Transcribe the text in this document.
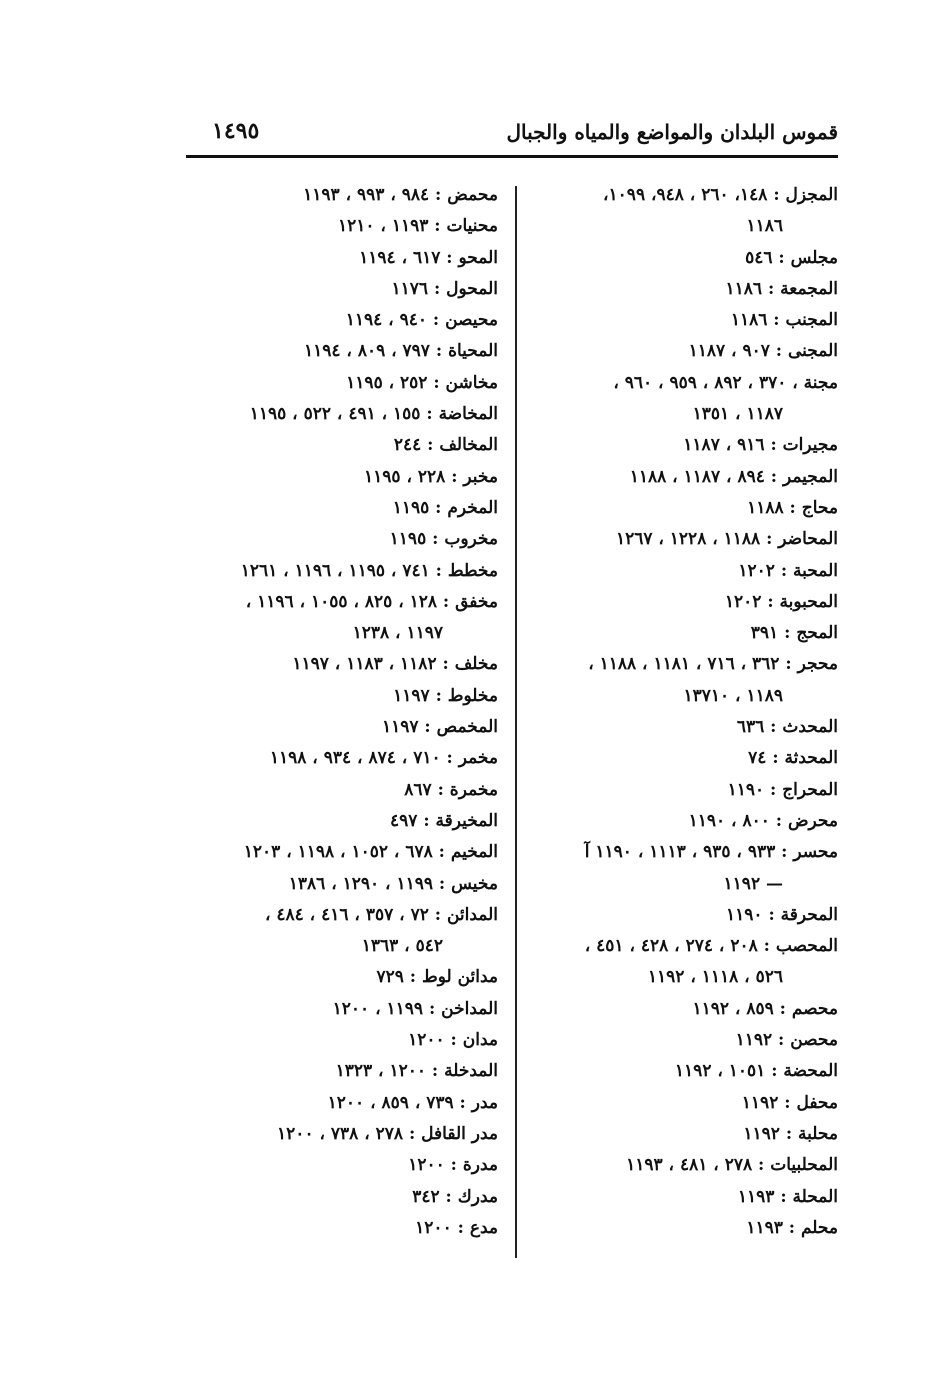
قموس البلدان والمواضع والمياه والجبال
١٤٩٥
المجزل : ١٤٨، ٢٦٠ ، ٩٤٨، ١٠٩٩،
١١٨٦
مجلس : ٥٤٦
المجمعة : ١١٨٦
المجنب : ١١٨٦
المجنى : ٩٠٧ ، ١١٨٧
مجنة ، ٣٧٠ ، ٨٩٢ ، ٩٥٩ ، ٩٦٠ ،
١١٨٧ ، ١٣٥١
مجيرات : ٩١٦ ، ١١٨٧
المجيمر : ٨٩٤ ، ١١٨٧ ، ١١٨٨
محاج : ١١٨٨
المحاضر : ١١٨٨ ، ١٢٢٨ ، ١٢٦٧
المحبة : ١٢٠٢
المحبوبة : ١٢٠٢
المحج : ٣٩١
محجر : ٣٦٢ ، ٧١٦ ، ١١٨١ ، ١١٨٨ ،
١١٨٩ ، ١٣٧١٠
المحدث : ٦٣٦
المحدثة : ٧٤
المحراج : ١١٩٠
محرض : ٨٠٠ ، ١١٩٠
محسر : ٩٣٣ ، ٩٣٥ ، ١١١٣ ، ١١٩٠ آ
— ١١٩٢
المحرقة : ١١٩٠
المحصب : ٢٠٨ ، ٢٧٤ ، ٤٢٨ ، ٤٥١ ،
٥٢٦ ، ١١١٨ ، ١١٩٢
محصم : ٨٥٩ ، ١١٩٢
محصن : ١١٩٢
المحضة : ١٠٥١ ، ١١٩٢
محفل : ١١٩٢
محلبة : ١١٩٢
المحلبيات : ٢٧٨ ، ٤٨١ ، ١١٩٣
المحلة : ١١٩٣
محلم : ١١٩٣
محمض : ٩٨٤ ، ٩٩٣ ، ١١٩٣
محنيات : ١١٩٣ ، ١٢١٠
المحو : ٦١٧ ، ١١٩٤
المحول : ١١٧٦
محيصن : ٩٤٠ ، ١١٩٤
المحياة : ٧٩٧ ، ٨٠٩ ، ١١٩٤
مخاشن : ٢٥٢ ، ١١٩٥
المخاضة : ١٥٥ ، ٤٩١ ، ٥٢٢ ، ١١٩٥
المخالف : ٢٤٤
مخبر : ٢٢٨ ، ١١٩٥
المخرم : ١١٩٥
مخروب : ١١٩٥
مخطط : ٧٤١ ، ١١٩٥ ، ١١٩٦ ، ١٢٦١
مخفق : ١٢٨ ، ٨٢٥ ، ١٠٥٥ ، ١١٩٦ ،
١١٩٧ ، ١٢٣٨
مخلف : ١١٨٢ ، ١١٨٣ ، ١١٩٧
مخلوط : ١١٩٧
المخمص : ١١٩٧
مخمر : ٧١٠ ، ٨٧٤ ، ٩٣٤ ، ١١٩٨
مخمرة : ٨٦٧
المخيرقة : ٤٩٧
المخيم : ٦٧٨ ، ١٠٥٢ ، ١١٩٨ ، ١٢٠٣
مخيس : ١١٩٩ ، ١٢٩٠ ، ١٣٨٦
المدائن : ٧٢ ، ٣٥٧ ، ٤١٦ ، ٤٨٤ ،
٥٤٢ ، ١٣٦٣
مدائن لوط : ٧٢٩
المداخن : ١١٩٩ ، ١٢٠٠
مدان : ١٢٠٠
المدخلة : ١٢٠٠ ، ١٣٢٣
مدر : ٧٣٩ ، ٨٥٩ ، ١٢٠٠
مدر القافل : ٢٧٨ ، ٧٣٨ ، ١٢٠٠
مدرة : ١٢٠٠
مدرك : ٣٤٢
مدع : ١٢٠٠
